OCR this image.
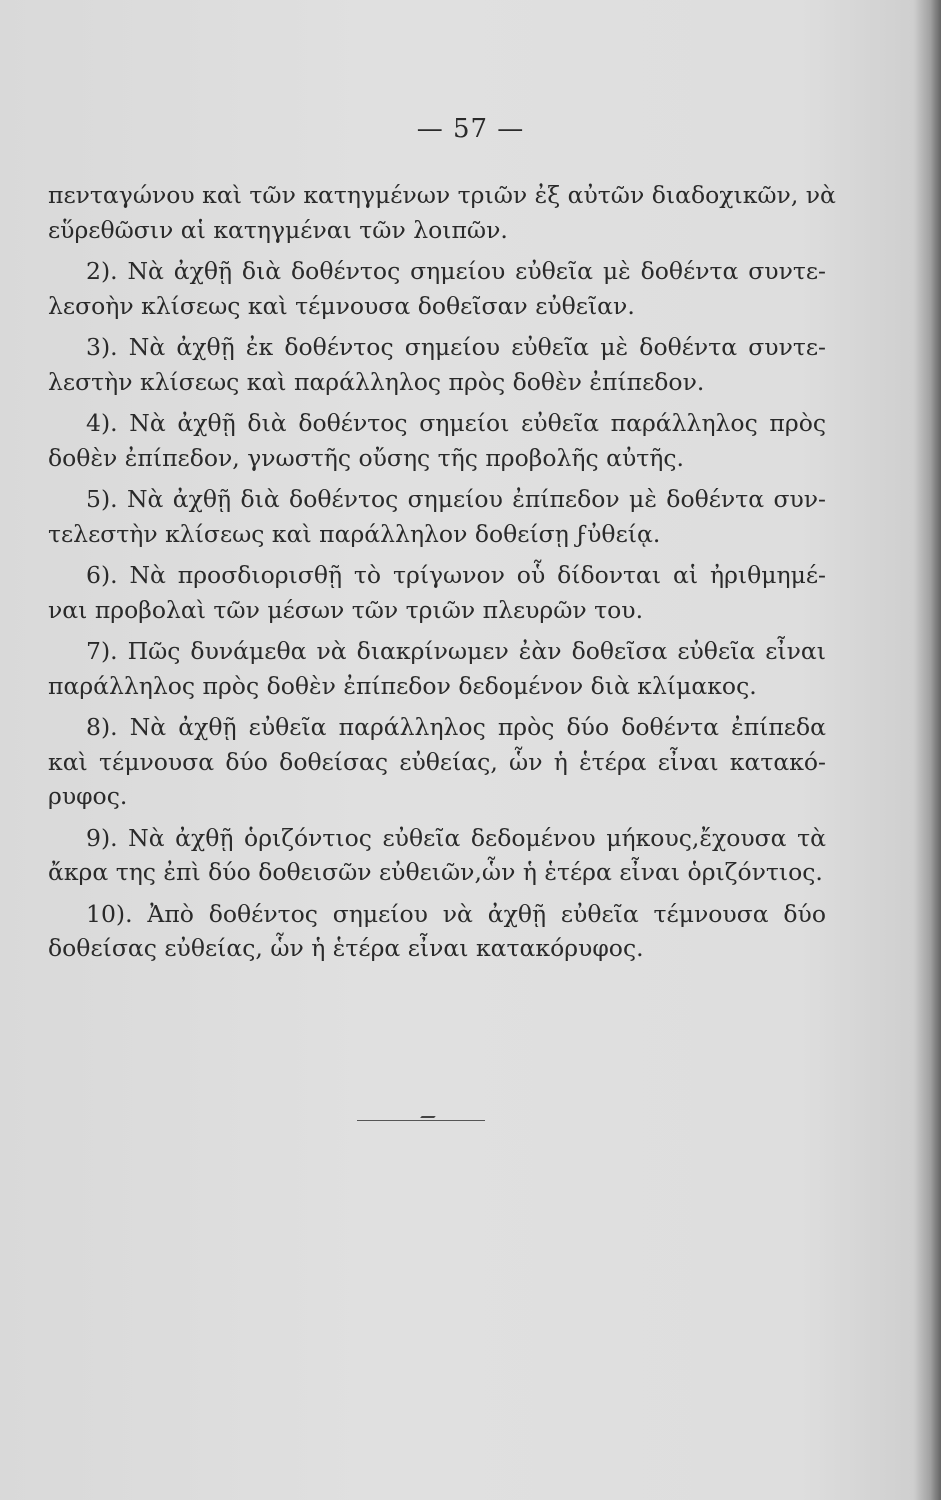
— 57 —
πενταγώνου καὶ τῶν κατηγμένων τριῶν ἐξ αὐτῶν διαδοχικῶν, νὰ
εὕρεθῶσιν αἱ κατηγμέναι τῶν λοιπῶν.
2). Νὰ ἀχθῇ διὰ δοθέντος σημείου εὐθεῖα μὲ δοθέντα συντε-
λεσοὴν κλίσεως καὶ τέμνουσα δοθεῖσαν εὐθεῖαν.
3). Νὰ ἀχθῇ ἐκ δοθέντος σημείου εὐθεῖα μὲ δοθέντα συντε-
λεστὴν κλίσεως καὶ παράλληλος πρὸς δοθὲν ἐπίπεδον.
4). Νὰ ἀχθῇ διὰ δοθέντος σημείοι εὐθεῖα παράλληλος πρὸς
δοθὲν ἐπίπεδον, γνωστῆς οὔσης τῆς προβολῆς αὐτῆς.
5). Νὰ ἀχθῇ διὰ δοθέντος σημείου ἐπίπεδον μὲ δοθέντα συν-
τελεστὴν κλίσεως καὶ παράλληλον δοθείσῃ ϝὐθείᾳ.
6). Νὰ προσδιορισθῇ τὸ τρίγωνον οὗ δίδονται αἱ ἠριθμημέ-
ναι προβολαὶ τῶν μέσων τῶν τριῶν πλευρῶν του.
7). Πῶς δυνάμεθα νὰ διακρίνωμεν ἐὰν δοθεῖσα εὐθεῖα εἶναι
παράλληλος πρὸς δοθὲν ἐπίπεδον δεδομένον διὰ κλίμακος.
8). Νὰ ἀχθῇ εὐθεῖα παράλληλος πρὸς δύο δοθέντα ἐπίπεδα
καὶ τέμνουσα δύο δοθείσας εὐθείας, ὧν ἡ ἑτέρα εἶναι κατακό-
ρυφος.
9). Νὰ ἀχθῇ ὁριζόντιος εὐθεῖα δεδομένου μήκους,ἔχουσα τὰ
ἄκρα της ἐπὶ δύο δοθεισῶν εὐθειῶν,ὧν ἡ ἑτέρα εἶναι ὁριζόντιος.
10). Ἀπὸ δοθέντος σημείου νὰ ἀχθῇ εὐθεῖα τέμνουσα δύο
δοθείσας εὐθείας, ὧν ἡ ἑτέρα εἶναι κατακόρυφος.
